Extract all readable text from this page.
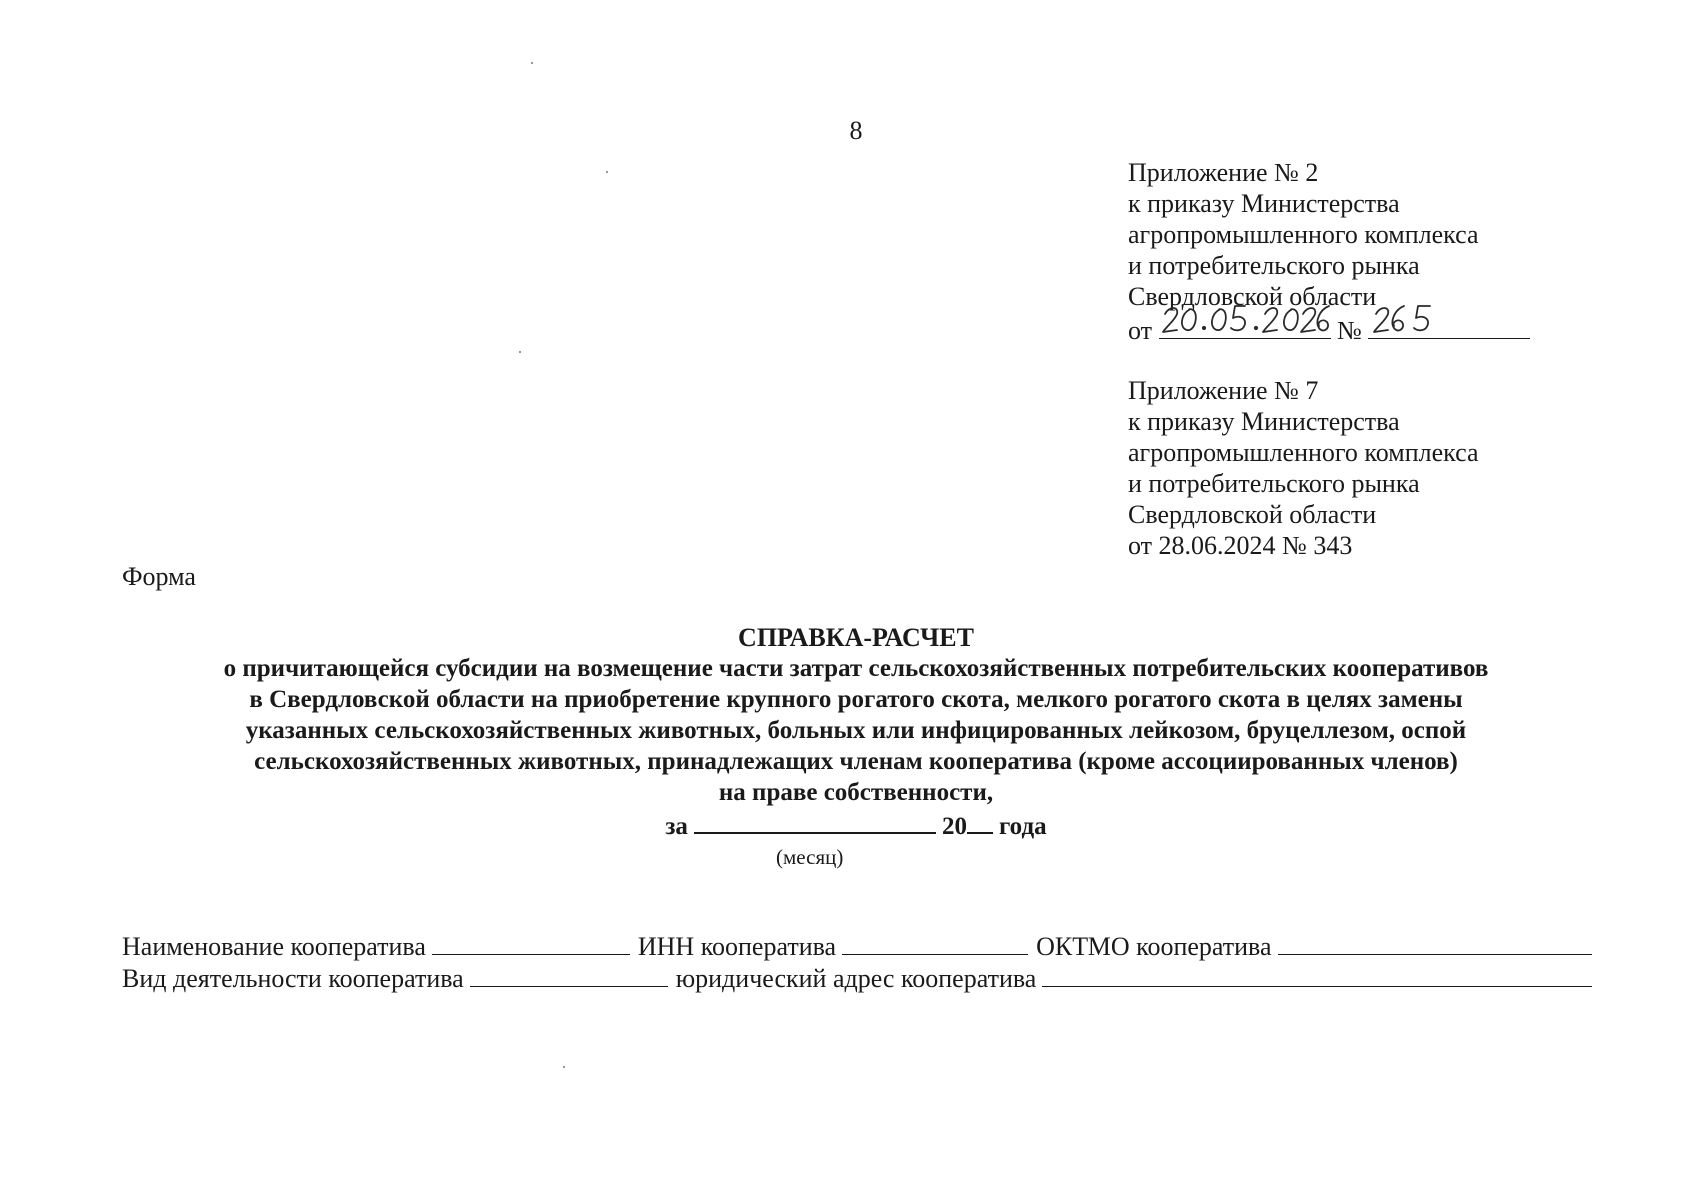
8
Приложение № 2
к приказу Министерства
агропромышленного комплекса
и потребительского рынка
Свердловской области
от	№
Приложение № 7
к приказу Министерства
агропромышленного комплекса
и потребительского рынка
Свердловской области
от 28.06.2024 № 343
Форма
СПРАВКА-РАСЧЕТ
о причитающейся субсидии на возмещение части затрат сельскохозяйственных потребительских кооперативов
в Свердловской области на приобретение крупного рогатого скота, мелкого рогатого скота в целях замены
указанных сельскохозяйственных животных, больных или инфицированных лейкозом, бруцеллезом, оспой
сельскохозяйственных животных, принадлежащих членам кооператива (кроме ассоциированных членов)
на праве собственности,
за	20 года
(месяц)
Наименование кооператива	ИНН кооператива	ОКТМО кооператива
Вид деятельности кооператива	юридический адрес кооператива
